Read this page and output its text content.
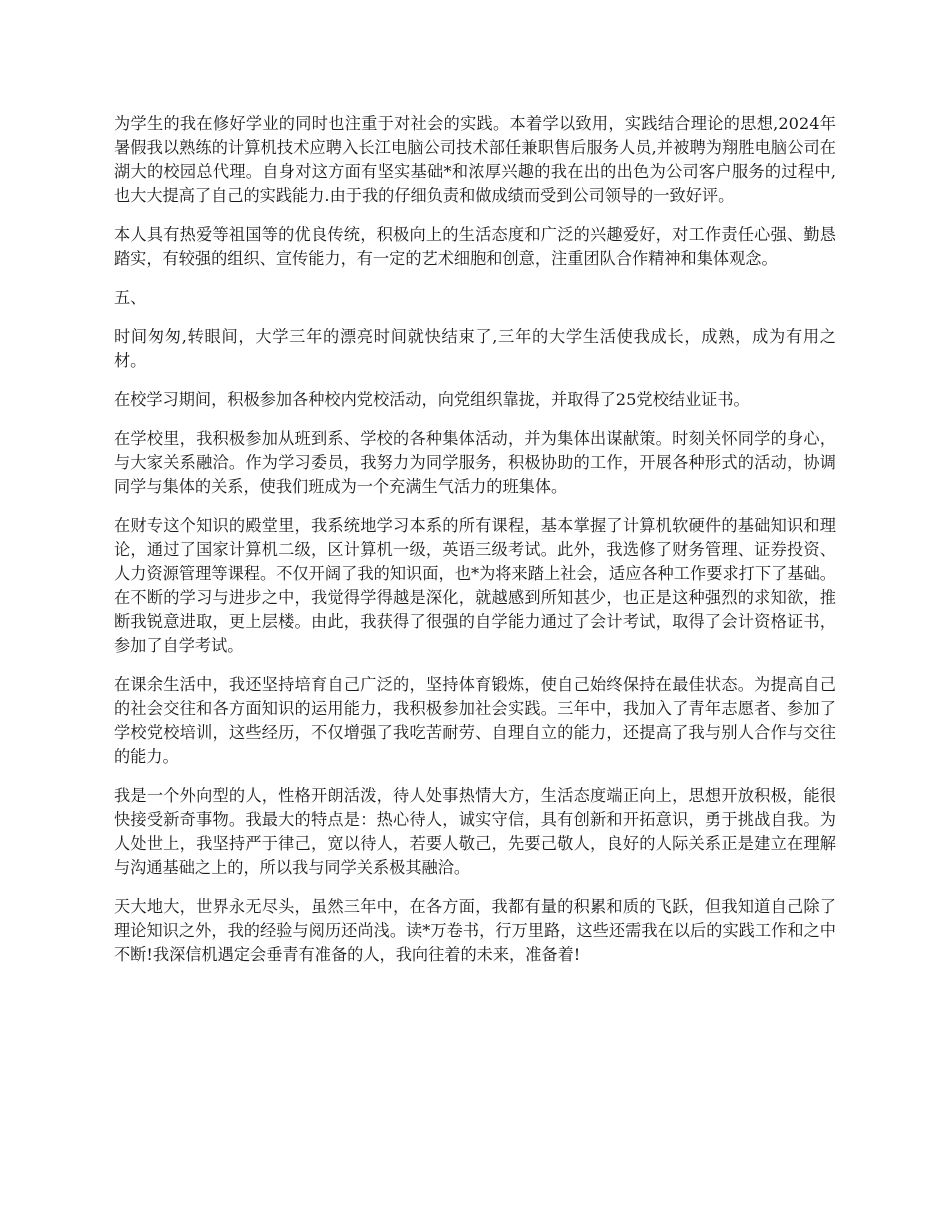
为学生的我在修好学业的同时也注重于对社会的实践。本着学以致用，实践结合理论的思想,2024年暑假我以熟练的计算机技术应聘入长江电脑公司技术部任兼职售后服务人员,并被聘为翔胜电脑公司在湖大的校园总代理。自身对这方面有坚实基础*和浓厚兴趣的我在出的出色为公司客户服务的过程中,也大大提高了自己的实践能力.由于我的仔细负责和做成绩而受到公司领导的一致好评。

本人具有热爱等祖国等的优良传统，积极向上的生活态度和广泛的兴趣爱好，对工作责任心强、勤恳踏实，有较强的组织、宣传能力，有一定的艺术细胞和创意，注重团队合作精神和集体观念。

五、

时间匆匆,转眼间，大学三年的漂亮时间就快结束了,三年的大学生活使我成长，成熟，成为有用之材。

在校学习期间，积极参加各种校内党校活动，向党组织靠拢，并取得了25党校结业证书。

在学校里，我积极参加从班到系、学校的各种集体活动，并为集体出谋献策。时刻关怀同学的身心，与大家关系融洽。作为学习委员，我努力为同学服务，积极协助的工作，开展各种形式的活动，协调同学与集体的关系，使我们班成为一个充满生气活力的班集体。

在财专这个知识的殿堂里，我系统地学习本系的所有课程，基本掌握了计算机软硬件的基础知识和理论，通过了国家计算机二级，区计算机一级，英语三级考试。此外，我选修了财务管理、证券投资、人力资源管理等课程。不仅开阔了我的知识面，也*为将来踏上社会，适应各种工作要求打下了基础。在不断的学习与进步之中，我觉得学得越是深化，就越感到所知甚少，也正是这种强烈的求知欲，推断我锐意进取，更上层楼。由此，我获得了很强的自学能力通过了会计考试，取得了会计资格证书，参加了自学考试。

在课余生活中，我还坚持培育自己广泛的，坚持体育锻炼，使自己始终保持在最佳状态。为提高自己的社会交往和各方面知识的运用能力，我积极参加社会实践。三年中，我加入了青年志愿者、参加了学校党校培训，这些经历，不仅增强了我吃苦耐劳、自理自立的能力，还提高了我与别人合作与交往的能力。

我是一个外向型的人，性格开朗活泼，待人处事热情大方，生活态度端正向上，思想开放积极，能很快接受新奇事物。我最大的特点是：热心待人，诚实守信，具有创新和开拓意识，勇于挑战自我。为人处世上，我坚持严于律己，宽以待人，若要人敬己，先要己敬人，良好的人际关系正是建立在理解与沟通基础之上的，所以我与同学关系极其融洽。

天大地大，世界永无尽头，虽然三年中，在各方面，我都有量的积累和质的飞跃，但我知道自己除了理论知识之外，我的经验与阅历还尚浅。读*万卷书，行万里路，这些还需我在以后的实践工作和之中不断!我深信机遇定会垂青有准备的人，我向往着的未来，准备着!
